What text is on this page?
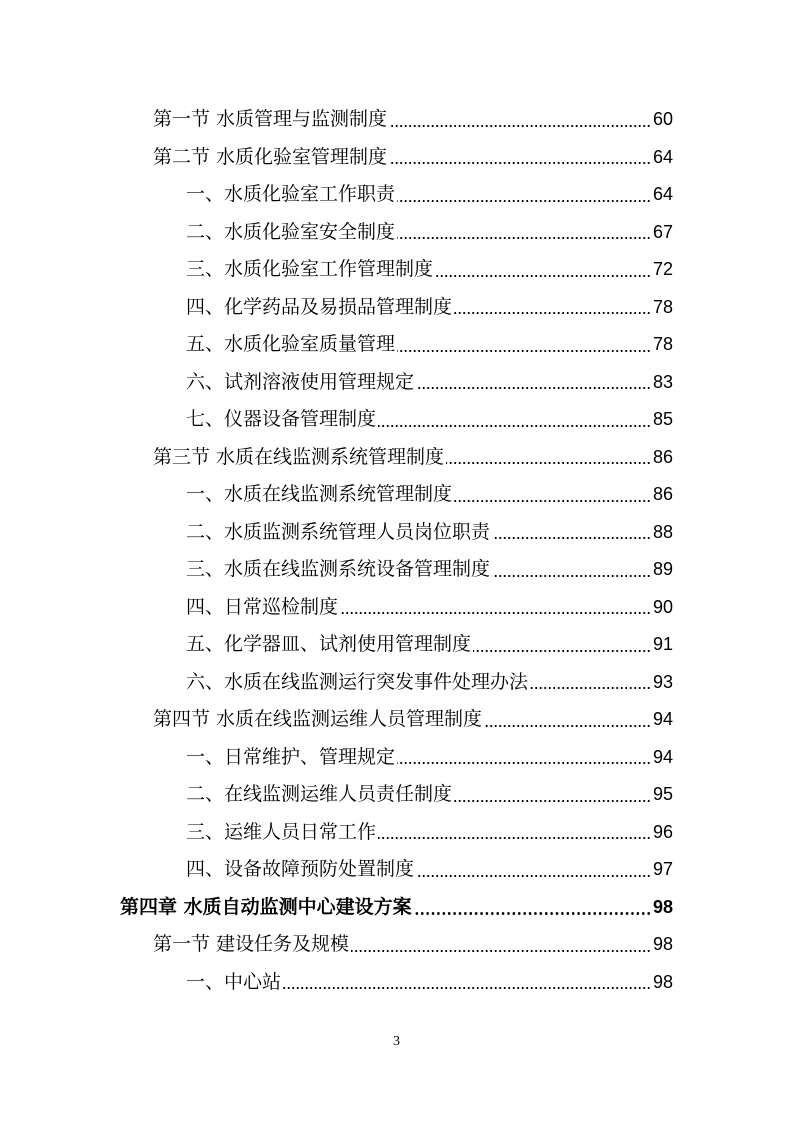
第一节 水质管理与监测制度	60
第二节 水质化验室管理制度	64
一、水质化验室工作职责	64
二、水质化验室安全制度	67
三、水质化验室工作管理制度	72
四、化学药品及易损品管理制度	78
五、水质化验室质量管理	78
六、试剂溶液使用管理规定	83
七、仪器设备管理制度	85
第三节 水质在线监测系统管理制度	86
一、水质在线监测系统管理制度	86
二、水质监测系统管理人员岗位职责	88
三、水质在线监测系统设备管理制度	89
四、日常巡检制度	90
五、化学器皿、试剂使用管理制度	91
六、水质在线监测运行突发事件处理办法	93
第四节 水质在线监测运维人员管理制度	94
一、日常维护、管理规定	94
二、在线监测运维人员责任制度	95
三、运维人员日常工作	96
四、设备故障预防处置制度	97
第四章 水质自动监测中心建设方案	98
第一节 建设任务及规模	98
一、中心站	98
3
